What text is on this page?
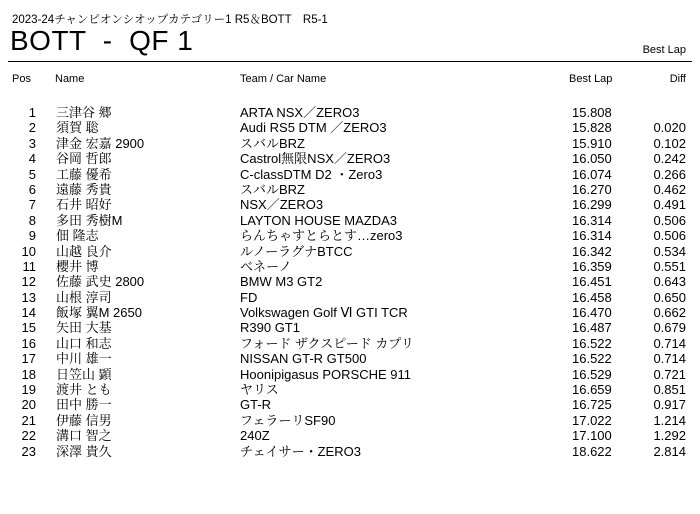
2023-24チャンピオンシオップカテゴリー1 R5＆BOTT　R5-1
BOTT  -  QF 1	Best Lap
Pos Name	Team / Car Name	Best Lap	Diff
1 三津谷 郷	ARTA NSX／ZERO3	15.808
2 須賀 聡	Audi RS5 DTM ／ZERO3	15.828	0.020
3 津金 宏嘉 2900	スバルBRZ	15.910	0.102
4 谷岡 哲郎	Castrol無限NSX／ZERO3	16.050	0.242
5 工藤 優希	C-classDTM D2 ・Zero3	16.074	0.266
6 遠藤 秀貴	スバルBRZ	16.270	0.462
7 石井 昭好	NSX／ZERO3	16.299	0.491
8 多田 秀樹M	LAYTON HOUSE MAZDA3	16.314	0.506
9 佃 隆志	らんちゃすとらとす…zero3	16.314	0.506
10 山越 良介	ルノーラグナBTCC	16.342	0.534
11 櫻井 博	ベネーノ	16.359	0.551
12 佐藤 武史 2800	BMW M3 GT2	16.451	0.643
13 山根 淳司	FD	16.458	0.650
14 飯塚 翼M 2650	Volkswagen Golf Ⅵ GTI TCR	16.470	0.662
15 矢田 大基	R390 GT1	16.487	0.679
16 山口 和志	フォード ザクスピード カプリ	16.522	0.714
17 中川 雄一	NISSAN GT-R GT500	16.522	0.714
18 日笠山 顕	Hoonipigasus PORSCHE 911	16.529	0.721
19 渡井 とも	ヤリス	16.659	0.851
20 田中 勝一	GT-R	16.725	0.917
21 伊藤 信男	フェラーリSF90	17.022	1.214
22 溝口 智之	240Z	17.100	1.292
23 深澤 貴久	チェイサー・ZERO3	18.622	2.814
